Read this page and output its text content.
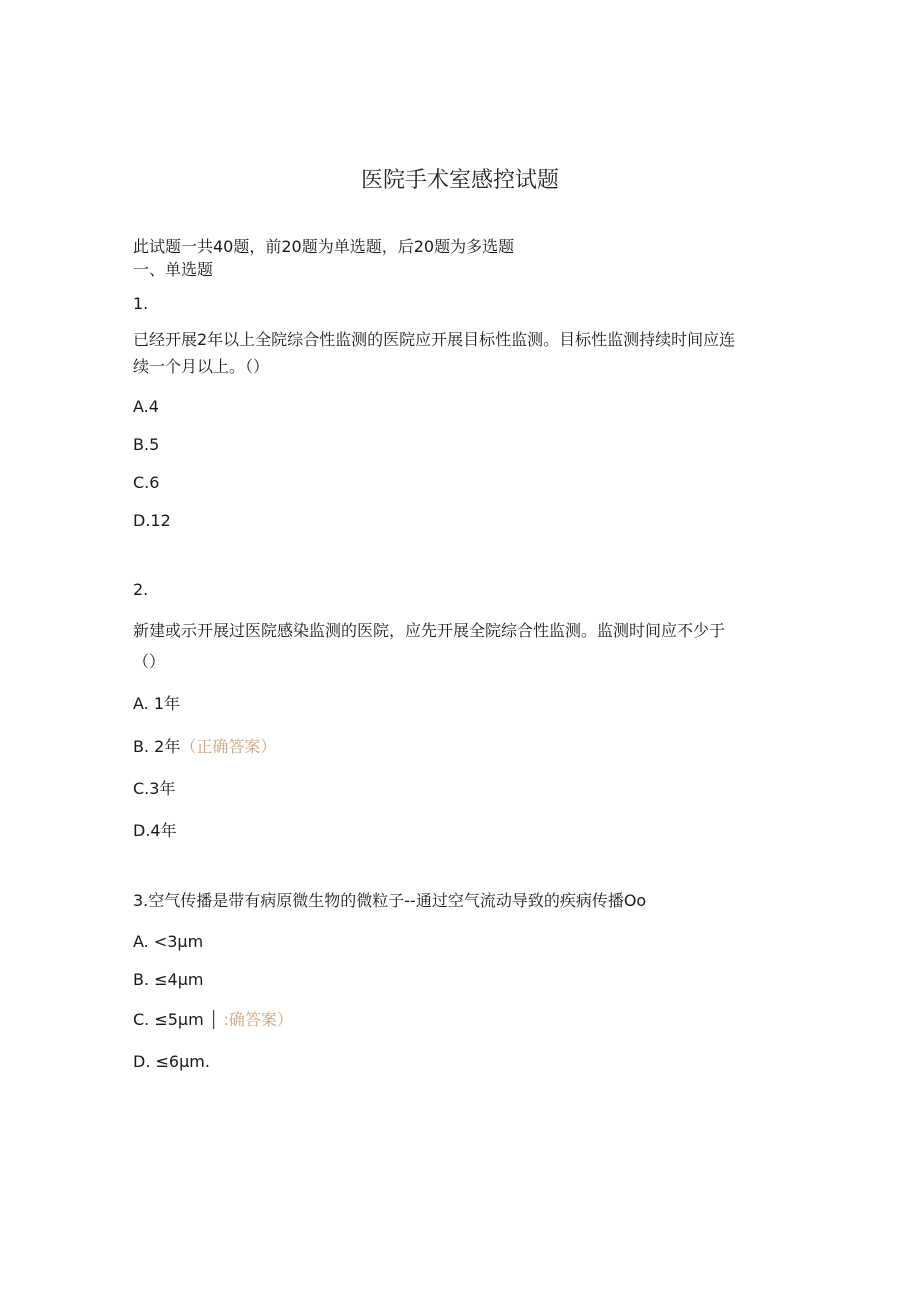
医院手术室感控试题
此试题一共40题，前20题为单选题，后20题为多选题
一、单选题
1.
已经开展2年以上全院综合性监测的医院应开展目标性监测。目标性监测持续时间应连
续一个月以上。（）
A.4
B.5
C.6
D.12
2.
新建或示开展过医院感染监测的医院，应先开展全院综合性监测。监测时间应不少于
（）
A. 1年
B. 2年（正确答案）
C.3年
D.4年
3.空气传播是带有病原微生物的微粒子--通过空气流动导致的疾病传播Oo
A. <3μm
B. ≤4μm
C. ≤5μm │ :确答案）
D. ≤6μm.
